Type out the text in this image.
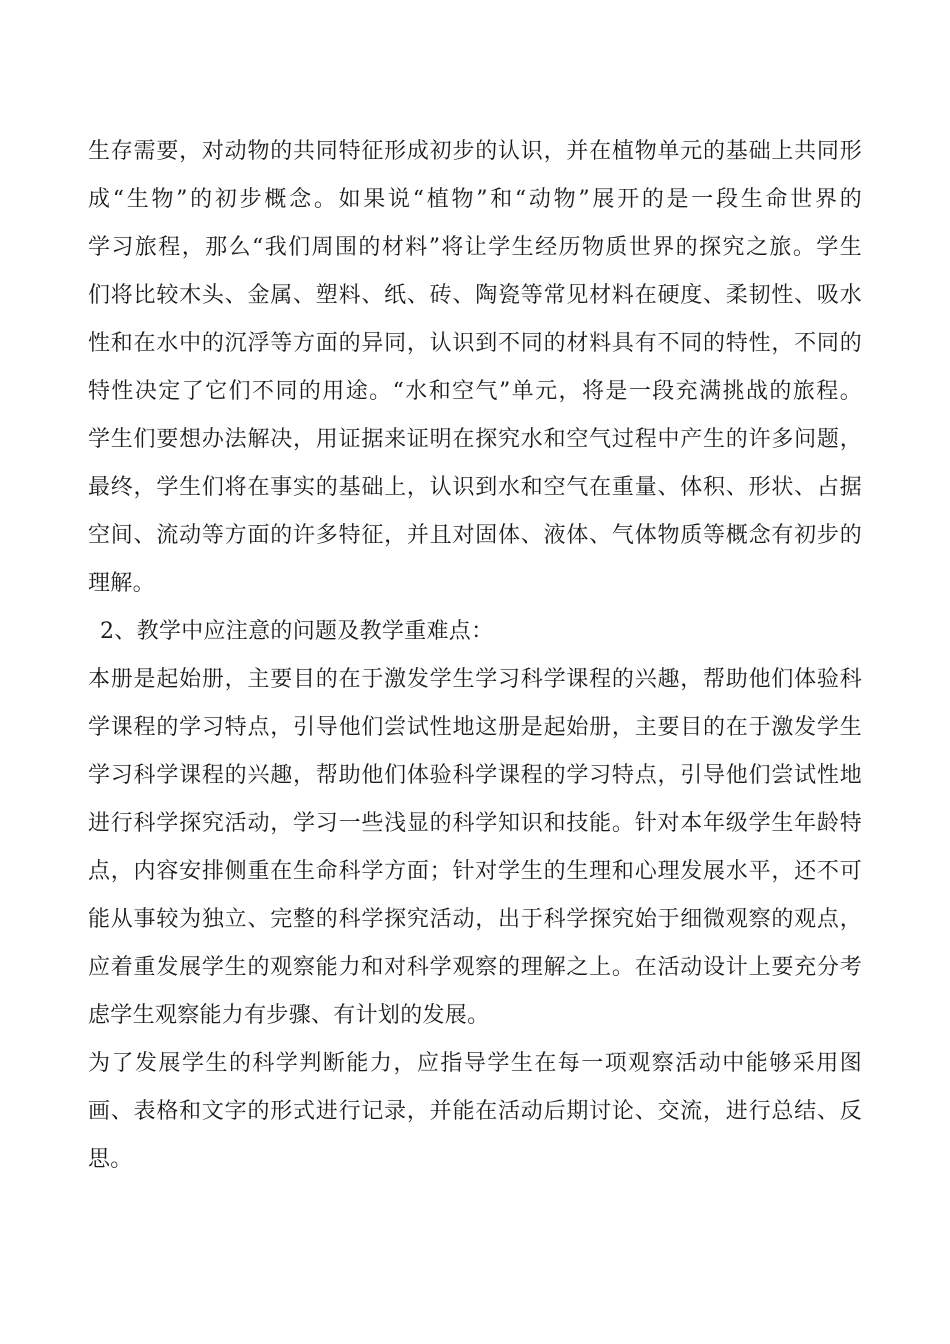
生存需要，对动物的共同特征形成初步的认识，并在植物单元的基础上共同形
成“生物”的初步概念。如果说“植物”和“动物”展开的是一段生命世界的
学习旅程，那么“我们周围的材料”将让学生经历物质世界的探究之旅。学生
们将比较木头、金属、塑料、纸、砖、陶瓷等常见材料在硬度、柔韧性、吸水
性和在水中的沉浮等方面的异同，认识到不同的材料具有不同的特性，不同的
特性决定了它们不同的用途。“水和空气”单元，将是一段充满挑战的旅程。
学生们要想办法解决，用证据来证明在探究水和空气过程中产生的许多问题，
最终，学生们将在事实的基础上，认识到水和空气在重量、体积、形状、占据
空间、流动等方面的许多特征，并且对固体、液体、气体物质等概念有初步的
理解。
2、教学中应注意的问题及教学重难点：
本册是起始册，主要目的在于激发学生学习科学课程的兴趣，帮助他们体验科
学课程的学习特点，引导他们尝试性地这册是起始册，主要目的在于激发学生
学习科学课程的兴趣，帮助他们体验科学课程的学习特点，引导他们尝试性地
进行科学探究活动，学习一些浅显的科学知识和技能。针对本年级学生年龄特
点，内容安排侧重在生命科学方面；针对学生的生理和心理发展水平，还不可
能从事较为独立、完整的科学探究活动，出于科学探究始于细微观察的观点，
应着重发展学生的观察能力和对科学观察的理解之上。在活动设计上要充分考
虑学生观察能力有步骤、有计划的发展。
为了发展学生的科学判断能力，应指导学生在每一项观察活动中能够采用图
画、表格和文字的形式进行记录，并能在活动后期讨论、交流，进行总结、反
思。
